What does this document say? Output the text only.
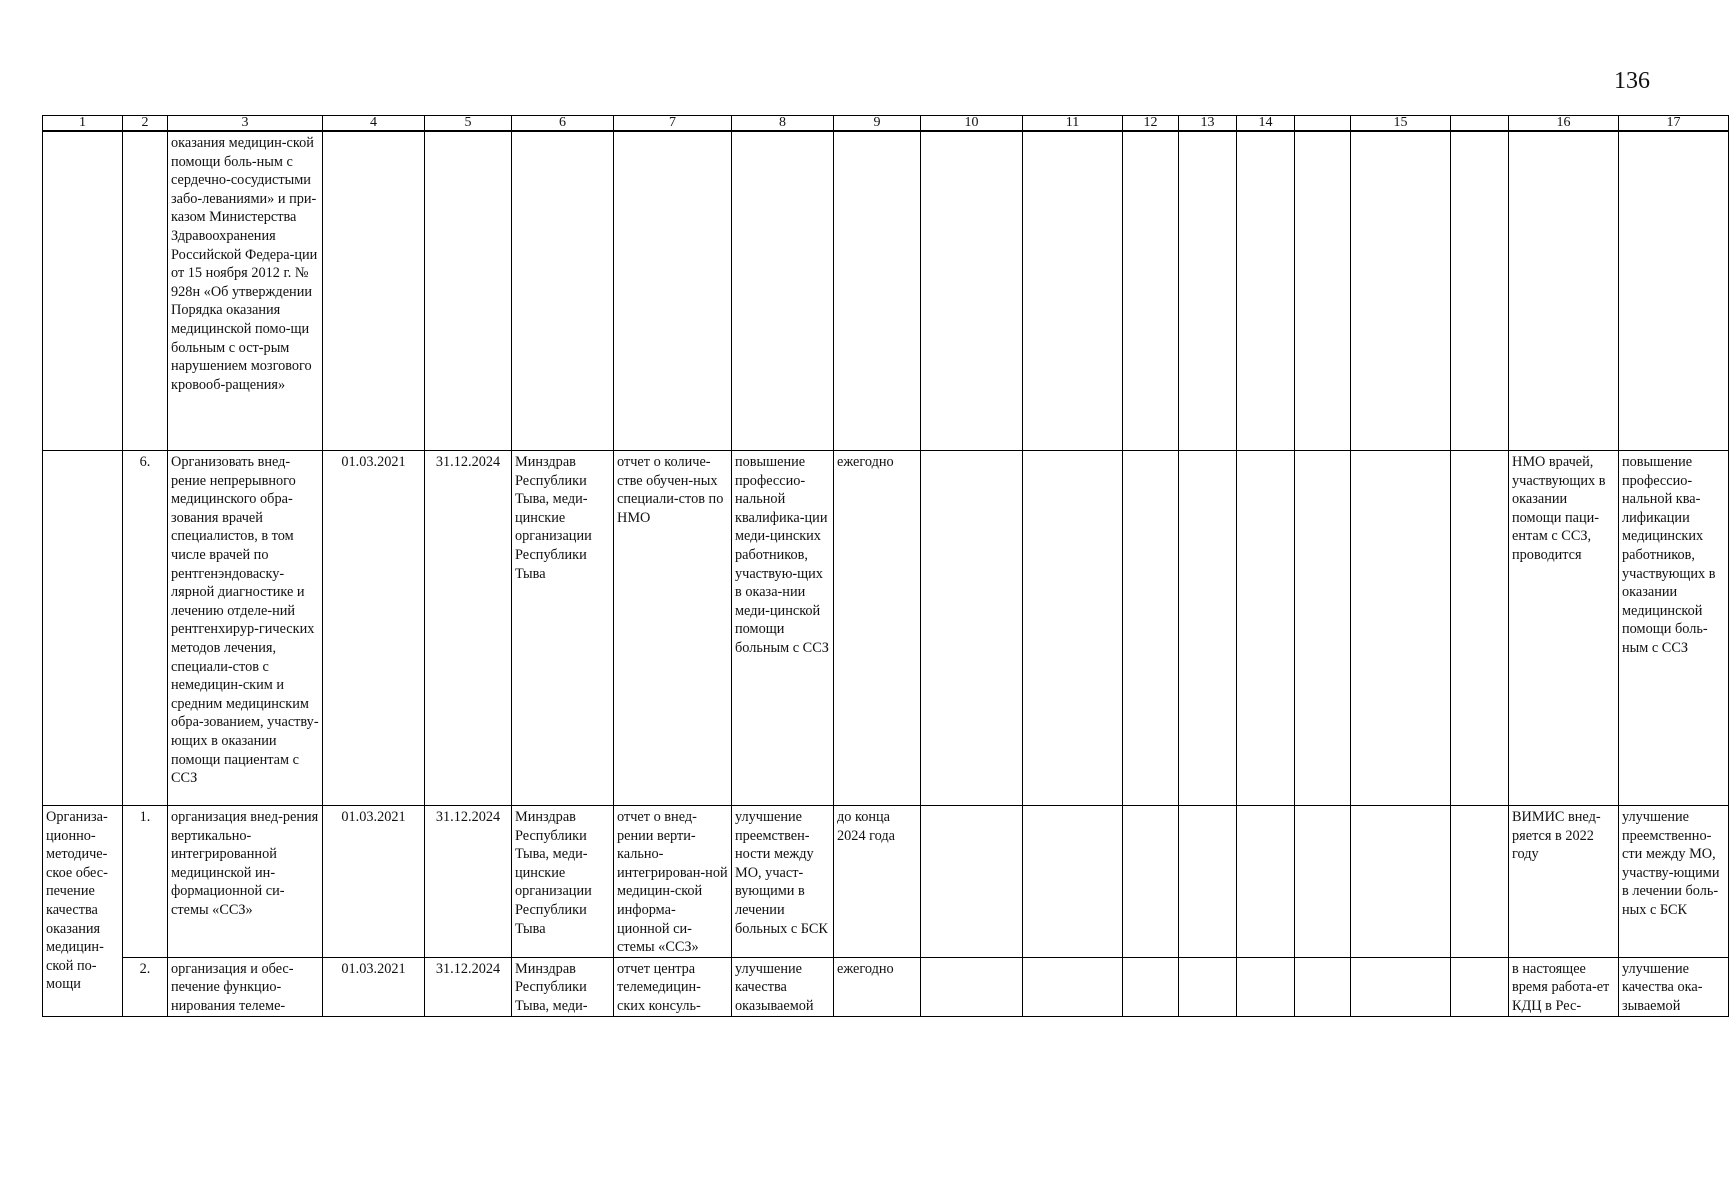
136
1	2	3	4	5	6	7	8	9	10	11	12	13	14		15		16	17
		оказания медицин-ской помощи боль-ным с сердечно-сосудистыми забо-леваниями» и при-казом Министерства Здравоохранения Российской Федера-ции от 15 ноября 2012 г. № 928н «Об утверждении Порядка оказания медицинской помо-щи больным с ост-рым нарушением мозгового кровооб-ращения»																
	6.	Организовать внед-рение непрерывного медицинского обра-зования врачей специалистов, в том числе врачей по рентгенэндоваску-лярной диагностике и лечению отделе-ний рентгенхирур-гических методов лечения, специали-стов с немедицин-ским и средним медицинским обра-зованием, участву-ющих в оказании помощи пациентам с ССЗ	01.03.2021	31.12.2024	Минздрав Республики Тыва, меди-цинские организации Республики Тыва	отчет о количе-стве обучен-ных специали-стов по НМО	повышение профессио-нальной квалифика-ции меди-цинских работников, участвую-щих в оказа-нии меди-цинской помощи больным с ССЗ	ежегодно									НМО врачей, участвующих в оказании помощи паци-ентам с ССЗ, проводится	повышение профессио-нальной ква-лификации медицинских работников, участвующих в оказании медицинской помощи боль-ным с ССЗ
Организа-ционно-методиче-ское обес-печение качества оказания медицин-ской по-мощи	1.	организация внед-рения вертикально-интегрированной медицинской ин-формационной си-стемы «ССЗ»	01.03.2021	31.12.2024	Минздрав Республики Тыва, меди-цинские организации Республики Тыва	отчет о внед-рении верти-кально-интегрирован-ной медицин-ской информа-ционной си-стемы «ССЗ»	улучшение преемствен-ности между МО, участ-вующими в лечении больных с БСК	до конца 2024 года									ВИМИС внед-ряется в 2022 году	улучшение преемственно-сти между МО, участву-ющими в лечении боль-ных с БСК
	2.	организация и обес-печение функцио-нирования телеме-	01.03.2021	31.12.2024	Минздрав Республики Тыва, меди-	отчет центра телемедицин-ских консуль-	улучшение качества оказываемой	ежегодно									в настоящее время работа-ет КДЦ в Рес-	улучшение качества ока-зываемой
